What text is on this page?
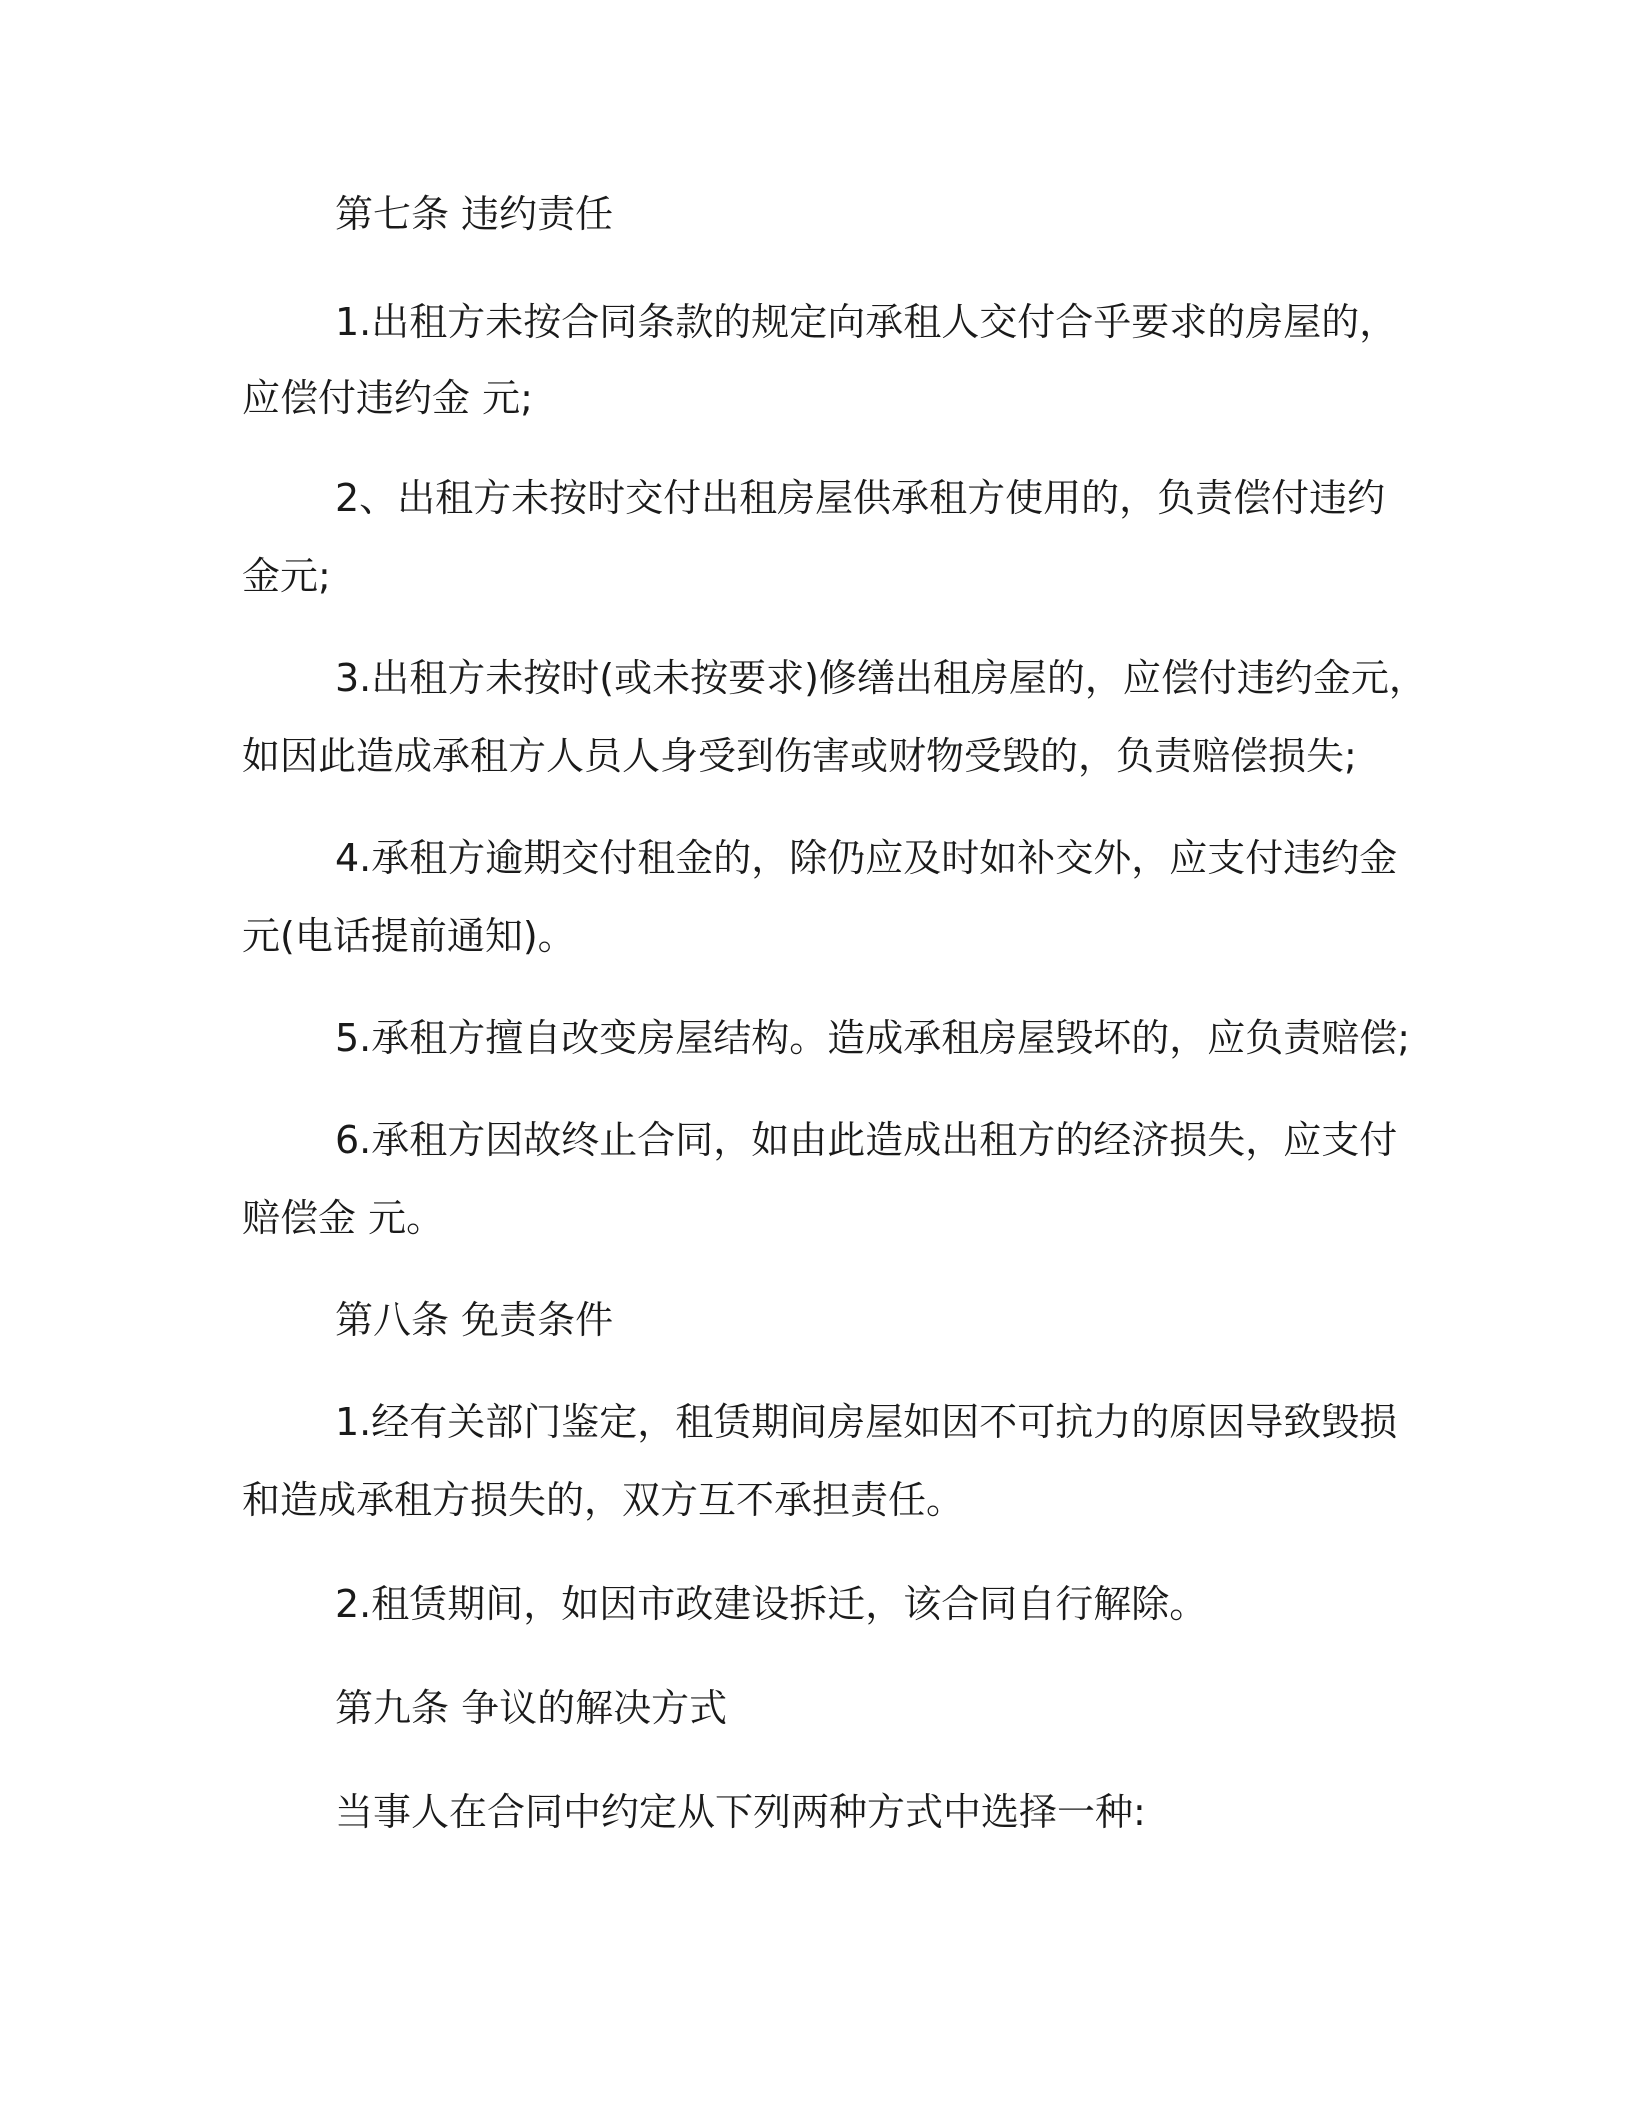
第七条 违约责任
1.出租方未按合同条款的规定向承租人交付合乎要求的房屋的，
应偿付违约金 元;
2、出租方未按时交付出租房屋供承租方使用的，负责偿付违约
金元;
3.出租方未按时(或未按要求)修缮出租房屋的，应偿付违约金元，
如因此造成承租方人员人身受到伤害或财物受毁的，负责赔偿损失;
4.承租方逾期交付租金的，除仍应及时如补交外，应支付违约金
元(电话提前通知)。
5.承租方擅自改变房屋结构。造成承租房屋毁坏的，应负责赔偿;
6.承租方因故终止合同，如由此造成出租方的经济损失，应支付
赔偿金 元。
第八条 免责条件
1.经有关部门鉴定，租赁期间房屋如因不可抗力的原因导致毁损
和造成承租方损失的，双方互不承担责任。
2.租赁期间，如因市政建设拆迁，该合同自行解除。
第九条 争议的解决方式
当事人在合同中约定从下列两种方式中选择一种:
